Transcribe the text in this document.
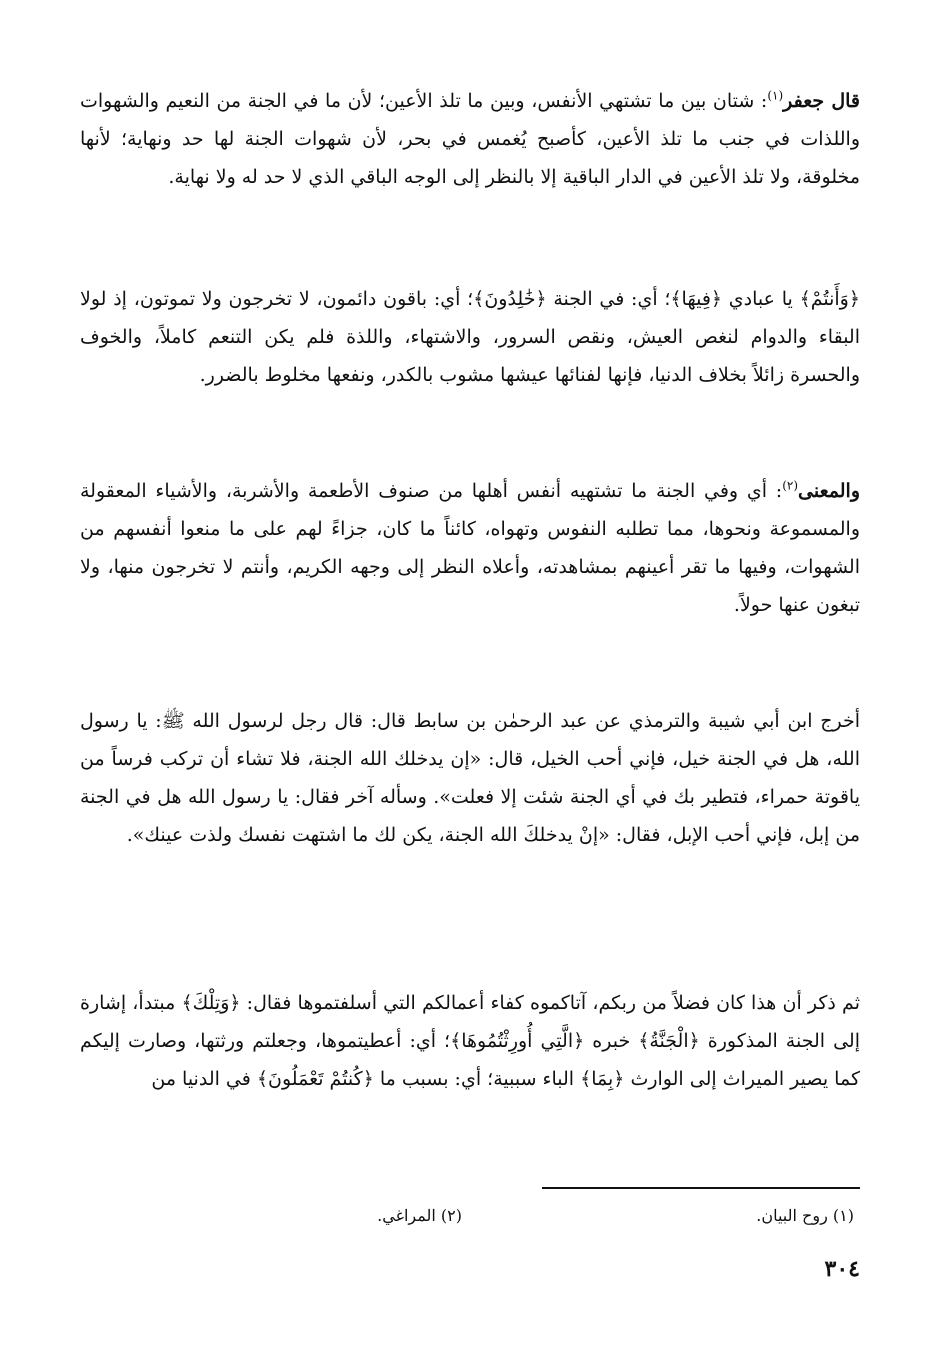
قال جعفر$^{(١)}$: شتان بين ما تشتهي الأنفس، وبين ما تلذ الأعين؛ لأن ما في الجنة من النعيم والشهوات واللذات في جنب ما تلذ الأعين، كأصبح يُغمس في بحر، لأن شهوات الجنة لها حد ونهاية؛ لأنها مخلوقة، ولا تلذ الأعين في الدار الباقية إلا بالنظر إلى الوجه الباقي الذي لا حد له ولا نهاية.

﴿وَأَنتُمْ﴾ يا عبادي ﴿فِيهَا﴾؛ أي: في الجنة ﴿خَٰلِدُونَ﴾؛ أي: باقون دائمون، لا تخرجون ولا تموتون، إذ لولا البقاء والدوام لنغص العيش، ونقص السرور، والاشتهاء، واللذة فلم يكن التنعم كاملاً، والخوف والحسرة زائلاً بخلاف الدنيا، فإنها لفنائها عيشها مشوب بالكدر، ونفعها مخلوط بالضرر.

والمعنى$^{(٢)}$: أي وفي الجنة ما تشتهيه أنفس أهلها من صنوف الأطعمة والأشربة، والأشياء المعقولة والمسموعة ونحوها، مما تطلبه النفوس وتهواه، كائناً ما كان، جزاءً لهم على ما منعوا أنفسهم من الشهوات، وفيها ما تقر أعينهم بمشاهدته، وأعلاه النظر إلى وجهه الكريم، وأنتم لا تخرجون منها، ولا تبغون عنها حولاً.

أخرج ابن أبي شيبة والترمذي عن عبد الرحمٰن بن سابط قال: قال رجل لرسول الله ﷺ: يا رسول الله، هل في الجنة خيل، فإني أحب الخيل، قال: «إن يدخلك الله الجنة، فلا تشاء أن تركب فرساً من ياقوتة حمراء، فتطير بك في أي الجنة شئت إلا فعلت». وسأله آخر فقال: يا رسول الله هل في الجنة من إبل، فإني أحب الإبل، فقال: «إنْ يدخلكَ الله الجنة، يكن لك ما اشتهت نفسك ولذت عينك».

ثم ذكر أن هذا كان فضلاً من ربكم، آتاكموه كفاء أعمالكم التي أسلفتموها فقال: ﴿وَتِلْكَ﴾ مبتدأ، إشارة إلى الجنة المذكورة ﴿الْجَنَّةُ﴾ خبره ﴿الَّتِي أُورِثْتُمُوهَا﴾؛ أي: أعطيتموها، وجعلتم ورثتها، وصارت إليكم كما يصير الميراث إلى الوارث ﴿بِمَا﴾ الباء سببية؛ أي: بسبب ما ﴿كُنتُمْ تَعْمَلُونَ﴾ في الدنيا من

(١) روح البيان.
(٢) المراغي.
٣٠٤
